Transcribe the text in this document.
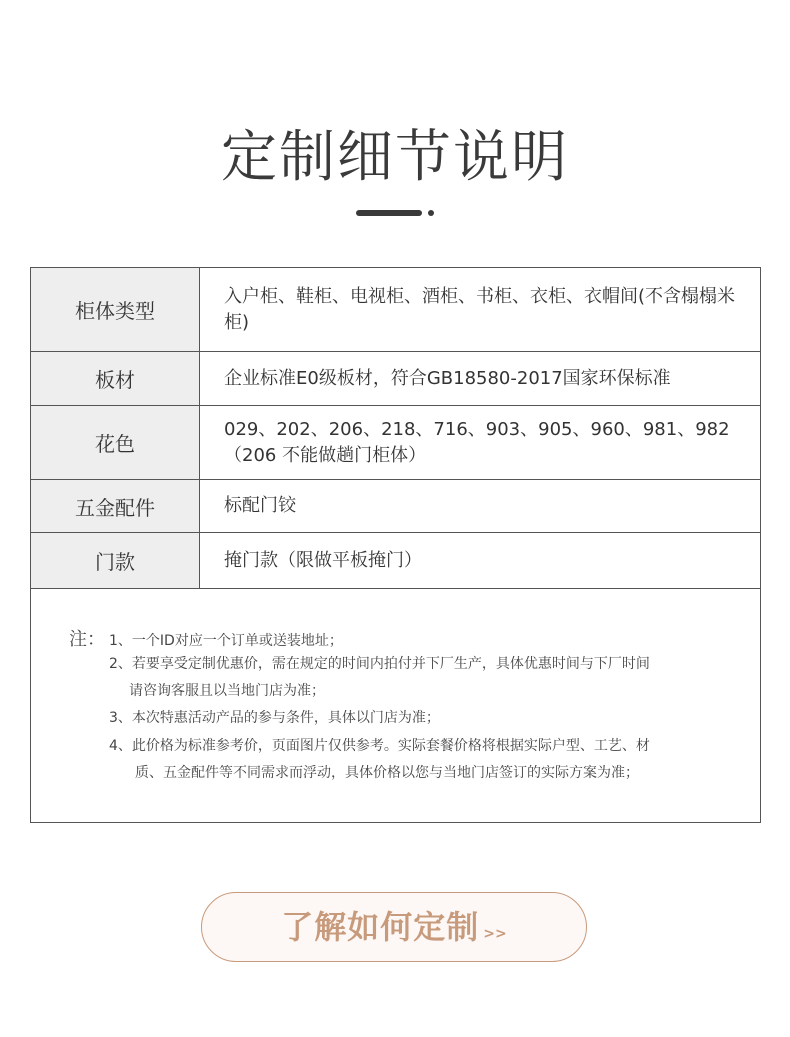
定制细节说明
柜体类型	入户柜、鞋柜、电视柜、酒柜、书柜、衣柜、衣帽间(不含榻榻米柜)
板材	企业标准E0级板材，符合GB18580-2017国家环保标准
花色	029、202、206、218、716、903、905、960、981、982（206 不能做趟门柜体）
五金配件	标配门铰
门款	掩门款（限做平板掩门）
注： 1、一个ID对应一个订单或送装地址；
2、若要享受定制优惠价，需在规定的时间内拍付并下厂生产，具体优惠时间与下厂时间
请咨询客服且以当地门店为准；
3、本次特惠活动产品的参与条件，具体以门店为准；
4、此价格为标准参考价，页面图片仅供参考。实际套餐价格将根据实际户型、工艺、材
质、五金配件等不同需求而浮动，具体价格以您与当地门店签订的实际方案为准；
了解如何定制 >>
